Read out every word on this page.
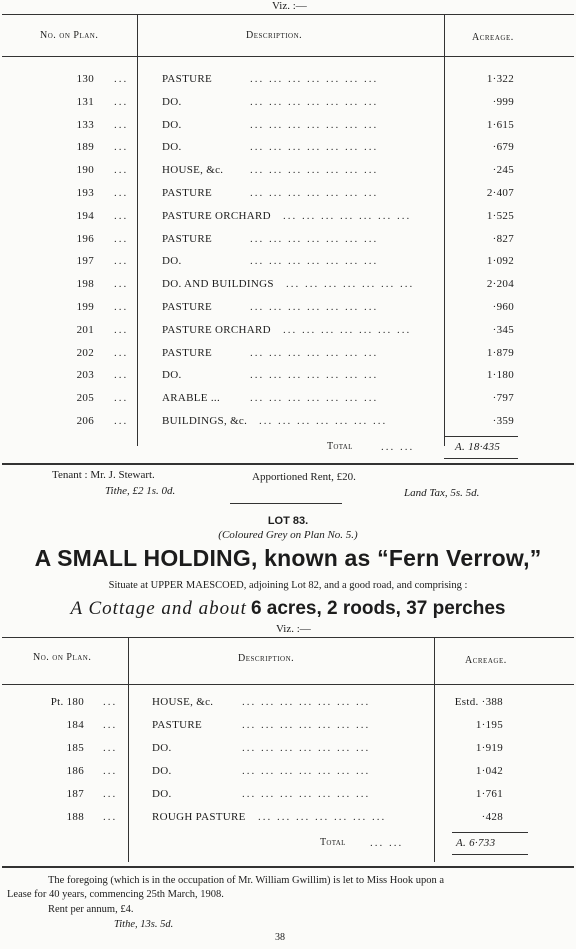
Viz. :—
No. on Plan.	Description.	Acreage.
130 ...	PASTURE	... ... ... ... ... ... ...	1·322
131 ...	DO.	... ... ... ... ... ... ...	·999
133 ...	DO.	... ... ... ... ... ... ...	1·615
189 ...	DO.	... ... ... ... ... ... ...	·679
190 ...	HOUSE, &c. ... ... ... ... ... ... ...	·245
193 ...	PASTURE	... ... ... ... ... ... ...	2·407
194 ...	PASTURE ORCHARD ... ... ... ... ... ... ...	1·525
196 ...	PASTURE	... ... ... ... ... ... ...	·827
197 ...	DO.	... ... ... ... ... ... ...	1·092
198 ...	DO. AND BUILDINGS ... ... ... ... ... ... ...	2·204
199 ...	PASTURE	... ... ... ... ... ... ...	·960
201 ...	PASTURE ORCHARD ... ... ... ... ... ... ...	·345
202 ...	PASTURE	... ... ... ... ... ... ...	1·879
203 ...	DO.	... ... ... ... ... ... ...	1·180
205 ...	ARABLE ...	... ... ... ... ... ... ...	·797
206 ...	BUILDINGS, &c. ... ... ... ... ... ... ...	·359
Total	... ...	A. 18·435
Tenant : Mr. J. Stewart.	Apportioned Rent, £20.
Tithe, £2 1s. 0d.	Land Tax, 5s. 5d.
LOT 83.
(Coloured Grey on Plan No. 5.)
A SMALL HOLDING, known as “Fern Verrow,”
Situate at UPPER MAESCOED, adjoining Lot 82, and a good road, and comprising :
A Cottage and about 6 acres, 2 roods, 37 perches
Viz. :—
No. on Plan.	Description.	Acreage.
Pt. 180 ...	HOUSE, &c.	... ... ... ... ... ... ...	Estd. ·388
184 ...	PASTURE	... ... ... ... ... ... ...	1·195
185 ...	DO.	... ... ... ... ... ... ...	1·919
186 ...	DO.	... ... ... ... ... ... ...	1·042
187 ...	DO.	... ... ... ... ... ... ...	1·761
188 ...	ROUGH PASTURE ... ... ... ... ... ... ...	·428
Total ... ...	A. 6·733
The foregoing (which is in the occupation of Mr. William Gwillim) is let to Miss Hook upon a
Lease for 40 years, commencing 25th March, 1908.
Rent per annum, £4.
Tithe, 13s. 5d.
38
